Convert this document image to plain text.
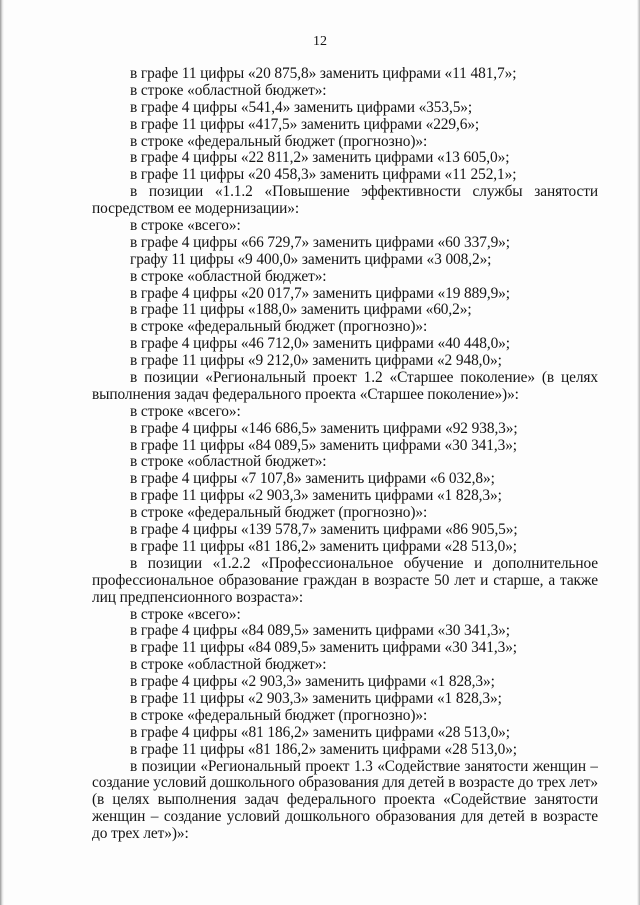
12
в графе 11 цифры «20 875,8» заменить цифрами «11 481,7»;
в строке «областной бюджет»:
в графе 4 цифры «541,4» заменить цифрами «353,5»;
в графе 11 цифры «417,5» заменить цифрами «229,6»;
в строке «федеральный бюджет (прогнозно)»:
в графе 4 цифры «22 811,2» заменить цифрами «13 605,0»;
в графе 11 цифры «20 458,3» заменить цифрами «11 252,1»;
в позиции «1.1.2 «Повышение эффективности службы занятости
посредством ее модернизации»:
в строке «всего»:
в графе 4 цифры «66 729,7» заменить цифрами «60 337,9»;
графу 11 цифры «9 400,0» заменить цифрами «3 008,2»;
в строке «областной бюджет»:
в графе 4 цифры «20 017,7» заменить цифрами «19 889,9»;
в графе 11 цифры «188,0» заменить цифрами «60,2»;
в строке «федеральный бюджет (прогнозно)»:
в графе 4 цифры «46 712,0» заменить цифрами «40 448,0»;
в графе 11 цифры «9 212,0» заменить цифрами «2 948,0»;
в позиции «Региональный проект 1.2 «Старшее поколение» (в целях
выполнения задач федерального проекта «Старшее поколение»)»:
в строке «всего»:
в графе 4 цифры «146 686,5» заменить цифрами «92 938,3»;
в графе 11 цифры «84 089,5» заменить цифрами «30 341,3»;
в строке «областной бюджет»:
в графе 4 цифры «7 107,8» заменить цифрами «6 032,8»;
в графе 11 цифры «2 903,3» заменить цифрами «1 828,3»;
в строке «федеральный бюджет (прогнозно)»:
в графе 4 цифры «139 578,7» заменить цифрами «86 905,5»;
в графе 11 цифры «81 186,2» заменить цифрами «28 513,0»;
в позиции «1.2.2 «Профессиональное обучение и дополнительное
профессиональное образование граждан в возрасте 50 лет и старше, а также
лиц предпенсионного возраста»:
в строке «всего»:
в графе 4 цифры «84 089,5» заменить цифрами «30 341,3»;
в графе 11 цифры «84 089,5» заменить цифрами «30 341,3»;
в строке «областной бюджет»:
в графе 4 цифры «2 903,3» заменить цифрами «1 828,3»;
в графе 11 цифры «2 903,3» заменить цифрами «1 828,3»;
в строке «федеральный бюджет (прогнозно)»:
в графе 4 цифры «81 186,2» заменить цифрами «28 513,0»;
в графе 11 цифры «81 186,2» заменить цифрами «28 513,0»;
в позиции «Региональный проект 1.3 «Содействие занятости женщин –
создание условий дошкольного образования для детей в возрасте до трех лет»
(в целях выполнения задач федерального проекта «Содействие занятости
женщин – создание условий дошкольного образования для детей в возрасте
до трех лет»)»:
